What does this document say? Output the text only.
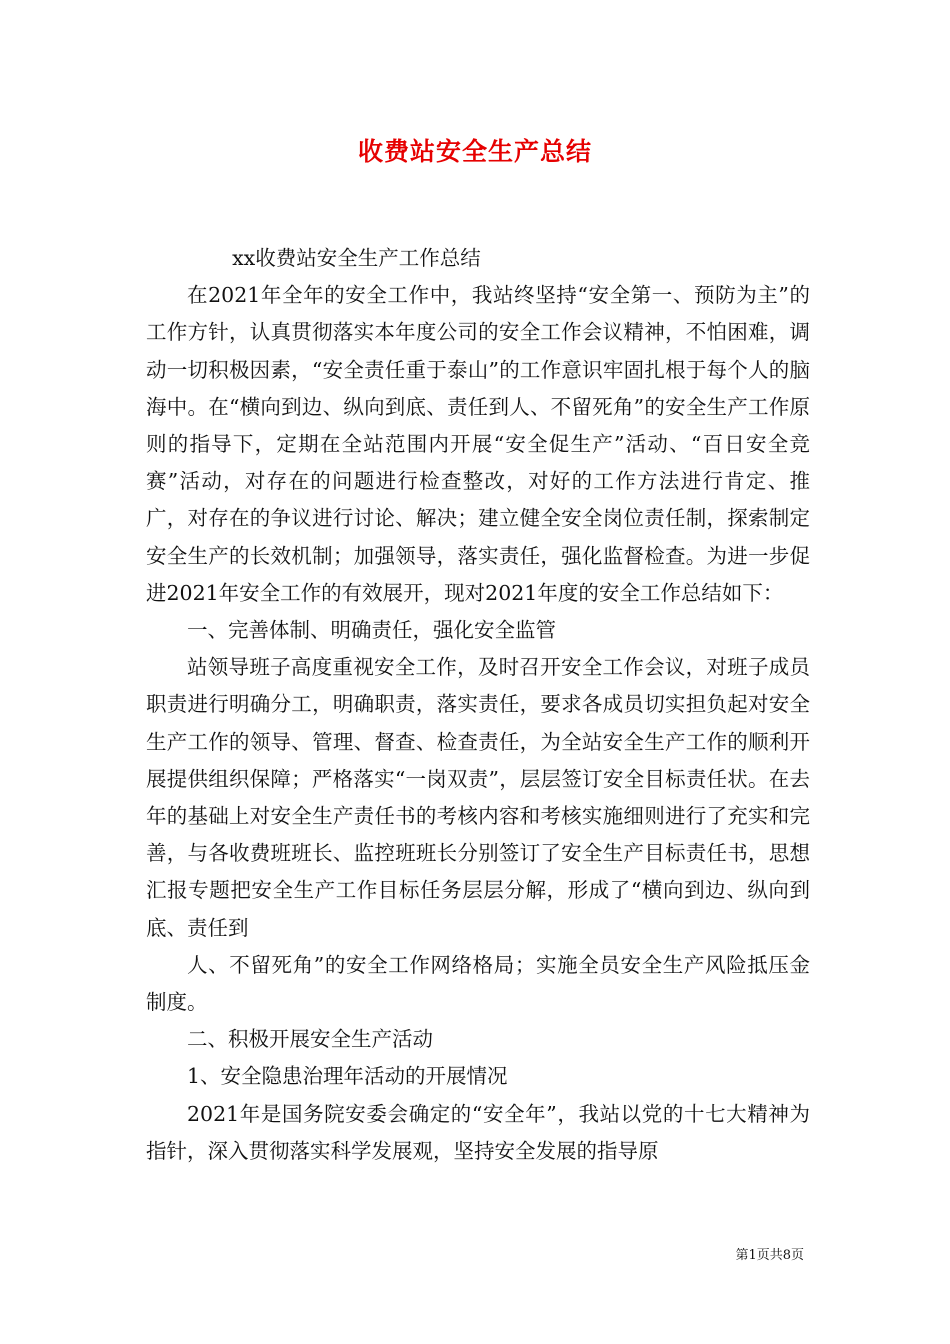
收费站安全生产总结

xx收费站安全生产工作总结

在2021年全年的安全工作中，我站终坚持“安全第一、预防为主”的工作方针，认真贯彻落实本年度公司的安全工作会议精神，不怕困难，调动一切积极因素，“安全责任重于泰山”的工作意识牢固扎根于每个人的脑海中。在“横向到边、纵向到底、责任到人、不留死角”的安全生产工作原则的指导下，定期在全站范围内开展“安全促生产”活动、“百日安全竞赛”活动，对存在的问题进行检查整改，对好的工作方法进行肯定、推广，对存在的争议进行讨论、解决；建立健全安全岗位责任制，探索制定安全生产的长效机制；加强领导，落实责任，强化监督检查。为进一步促进2021年安全工作的有效展开，现对2021年度的安全工作总结如下：

一、完善体制、明确责任，强化安全监管

站领导班子高度重视安全工作，及时召开安全工作会议，对班子成员职责进行明确分工，明确职责，落实责任，要求各成员切实担负起对安全生产工作的领导、管理、督查、检查责任，为全站安全生产工作的顺利开展提供组织保障；严格落实“一岗双责”，层层签订安全目标责任状。在去年的基础上对安全生产责任书的考核内容和考核实施细则进行了充实和完善，与各收费班班长、监控班班长分别签订了安全生产目标责任书，思想汇报专题把安全生产工作目标任务层层分解，形成了“横向到边、纵向到底、责任到

人、不留死角”的安全工作网络格局；实施全员安全生产风险抵压金制度。

二、积极开展安全生产活动

1、安全隐患治理年活动的开展情况

2021年是国务院安委会确定的“安全年”，我站以党的十七大精神为指针，深入贯彻落实科学发展观，坚持安全发展的指导原

第1页共8页
